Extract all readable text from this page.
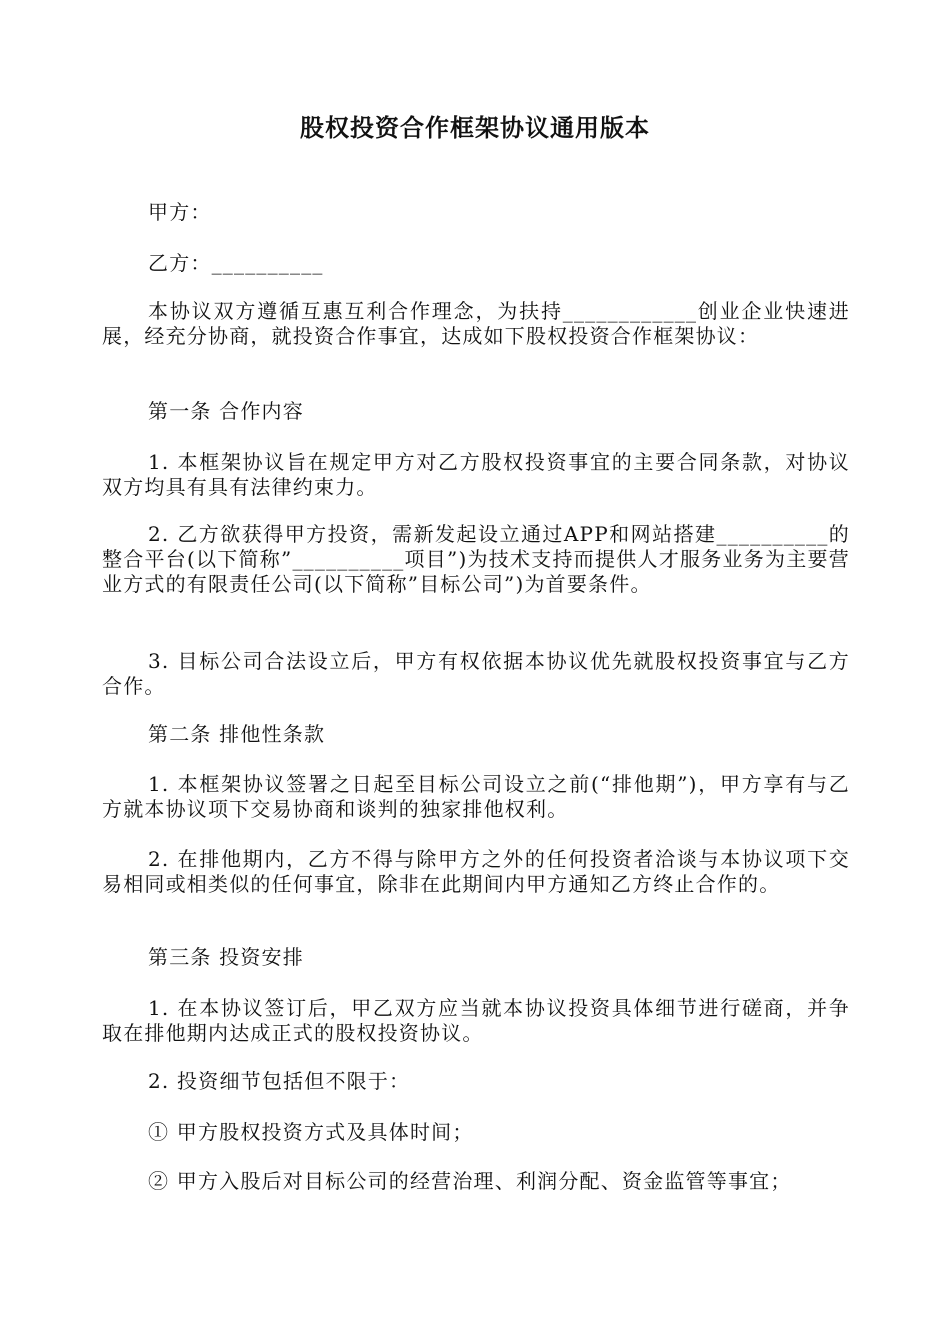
股权投资合作框架协议通用版本

甲方：

乙方：__________

本协议双方遵循互惠互利合作理念，为扶持____________创业企业快速进展，经充分协商，就投资合作事宜，达成如下股权投资合作框架协议：

第一条 合作内容

1. 本框架协议旨在规定甲方对乙方股权投资事宜的主要合同条款，对协议双方均具有具有法律约束力。

2. 乙方欲获得甲方投资，需新发起设立通过APP和网站搭建__________的整合平台(以下简称”__________项目”)为技术支持而提供人才服务业务为主要营业方式的有限责任公司(以下简称”目标公司”)为首要条件。

3. 目标公司合法设立后，甲方有权依据本协议优先就股权投资事宜与乙方合作。

第二条 排他性条款

1. 本框架协议签署之日起至目标公司设立之前(“排他期”)，甲方享有与乙方就本协议项下交易协商和谈判的独家排他权利。

2. 在排他期内，乙方不得与除甲方之外的任何投资者洽谈与本协议项下交易相同或相类似的任何事宜，除非在此期间内甲方通知乙方终止合作的。

第三条 投资安排

1. 在本协议签订后，甲乙双方应当就本协议投资具体细节进行磋商，并争取在排他期内达成正式的股权投资协议。

2. 投资细节包括但不限于：

① 甲方股权投资方式及具体时间；

② 甲方入股后对目标公司的经营治理、利润分配、资金监管等事宜；
